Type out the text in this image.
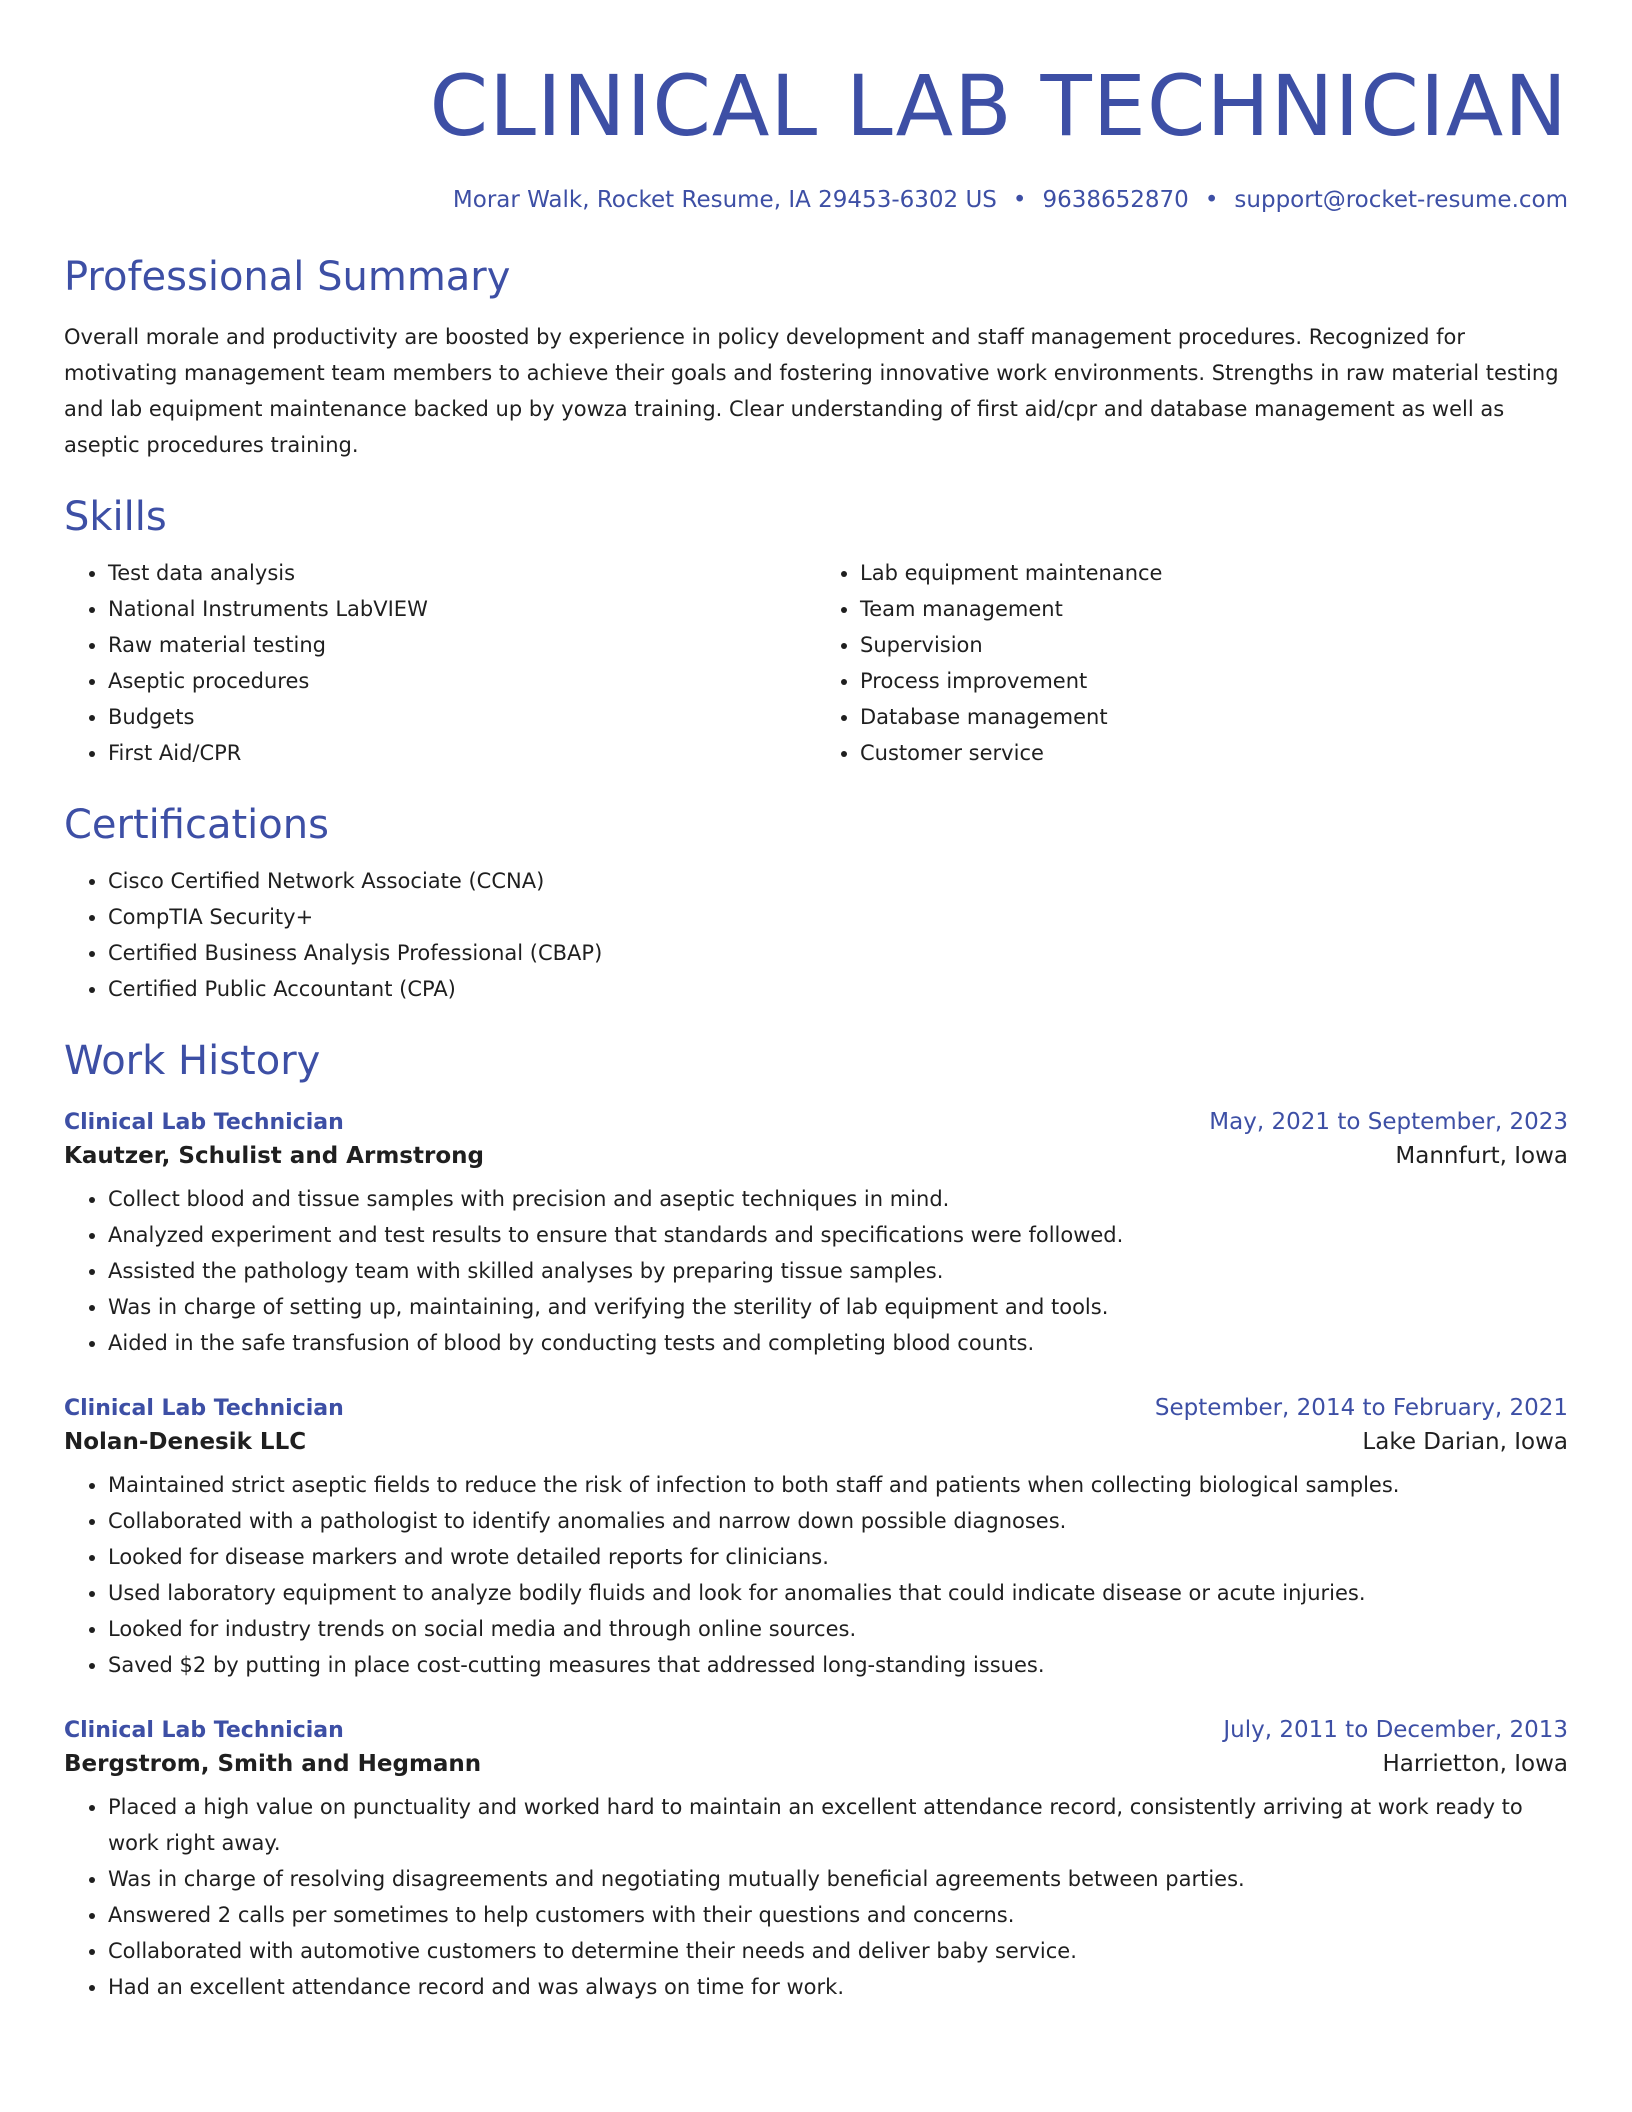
CLINICAL LAB TECHNICIAN
Morar Walk, Rocket Resume, IA 29453-6302 US • 9638652870 • support@rocket-resume.com
Professional Summary
Overall morale and productivity are boosted by experience in policy development and staff management procedures. Recognized for motivating management team members to achieve their goals and fostering innovative work environments. Strengths in raw material testing and lab equipment maintenance backed up by yowza training. Clear understanding of first aid/cpr and database management as well as aseptic procedures training.
Skills
• Test data analysis
• National Instruments LabVIEW
• Raw material testing
• Aseptic procedures
• Budgets
• First Aid/CPR
• Lab equipment maintenance
• Team management
• Supervision
• Process improvement
• Database management
• Customer service
Certifications
• Cisco Certified Network Associate (CCNA)
• CompTIA Security+
• Certified Business Analysis Professional (CBAP)
• Certified Public Accountant (CPA)
Work History
Clinical Lab Technician	May, 2021 to September, 2023
Kautzer, Schulist and Armstrong	Mannfurt, Iowa
• Collect blood and tissue samples with precision and aseptic techniques in mind.
• Analyzed experiment and test results to ensure that standards and specifications were followed.
• Assisted the pathology team with skilled analyses by preparing tissue samples.
• Was in charge of setting up, maintaining, and verifying the sterility of lab equipment and tools.
• Aided in the safe transfusion of blood by conducting tests and completing blood counts.
Clinical Lab Technician	September, 2014 to February, 2021
Nolan-Denesik LLC	Lake Darian, Iowa
• Maintained strict aseptic fields to reduce the risk of infection to both staff and patients when collecting biological samples.
• Collaborated with a pathologist to identify anomalies and narrow down possible diagnoses.
• Looked for disease markers and wrote detailed reports for clinicians.
• Used laboratory equipment to analyze bodily fluids and look for anomalies that could indicate disease or acute injuries.
• Looked for industry trends on social media and through online sources.
• Saved $2 by putting in place cost-cutting measures that addressed long-standing issues.
Clinical Lab Technician	July, 2011 to December, 2013
Bergstrom, Smith and Hegmann	Harrietton, Iowa
• Placed a high value on punctuality and worked hard to maintain an excellent attendance record, consistently arriving at work ready to work right away.
• Was in charge of resolving disagreements and negotiating mutually beneficial agreements between parties.
• Answered 2 calls per sometimes to help customers with their questions and concerns.
• Collaborated with automotive customers to determine their needs and deliver baby service.
• Had an excellent attendance record and was always on time for work.
